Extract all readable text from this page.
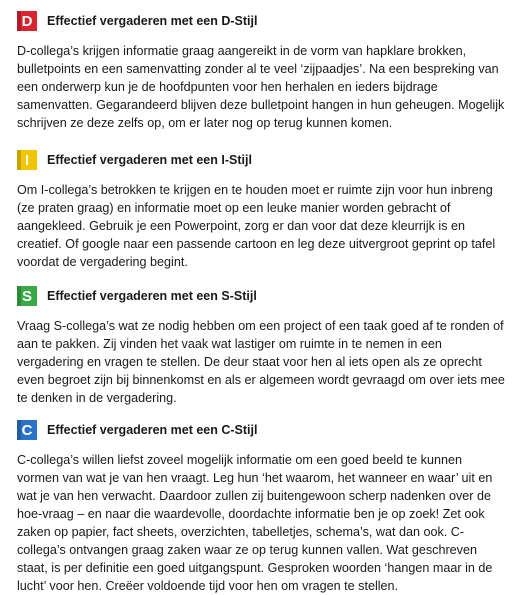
D Effectief vergaderen met een D-Stijl

D-collega’s krijgen informatie graag aangereikt in de vorm van hapklare brokken, bulletpoints en een samenvatting zonder al te veel ‘zijpaadjes’. Na een bespreking van een onderwerp kun je de hoofdpunten voor hen herhalen en ieders bijdrage samenvatten. Gegarandeerd blijven deze bulletpoint hangen in hun geheugen. Mogelijk schrijven ze deze zelfs op, om er later nog op terug kunnen komen.

I Effectief vergaderen met een I-Stijl

Om I-collega’s betrokken te krijgen en te houden moet er ruimte zijn voor hun inbreng (ze praten graag) en informatie moet op een leuke manier worden gebracht of aangekleed. Gebruik je een Powerpoint, zorg er dan voor dat deze kleurrijk is en creatief. Of google naar een passende cartoon en leg deze uitvergroot geprint op tafel voordat de vergadering begint.

S Effectief vergaderen met een S-Stijl

Vraag S-collega’s wat ze nodig hebben om een project of een taak goed af te ronden of aan te pakken. Zij vinden het vaak wat lastiger om ruimte in te nemen in een vergadering en vragen te stellen. De deur staat voor hen al iets open als ze oprecht even begroet zijn bij binnenkomst en als er algemeen wordt gevraagd om over iets mee te denken in de vergadering.

C Effectief vergaderen met een C-Stijl

C-collega’s willen liefst zoveel mogelijk informatie om een goed beeld te kunnen vormen van wat je van hen vraagt. Leg hun ‘het waarom, het wanneer en waar’ uit en wat je van hen verwacht. Daardoor zullen zij buitengewoon scherp nadenken over de hoe-vraag – en naar die waardevolle, doordachte informatie ben je op zoek! Zet ook zaken op papier, fact sheets, overzichten, tabelletjes, schema’s, wat dan ook. C-collega’s ontvangen graag zaken waar ze op terug kunnen vallen. Wat geschreven staat, is per definitie een goed uitgangspunt. Gesproken woorden ‘hangen maar in de lucht’ voor hen. Creëer voldoende tijd voor hen om vragen te stellen.
